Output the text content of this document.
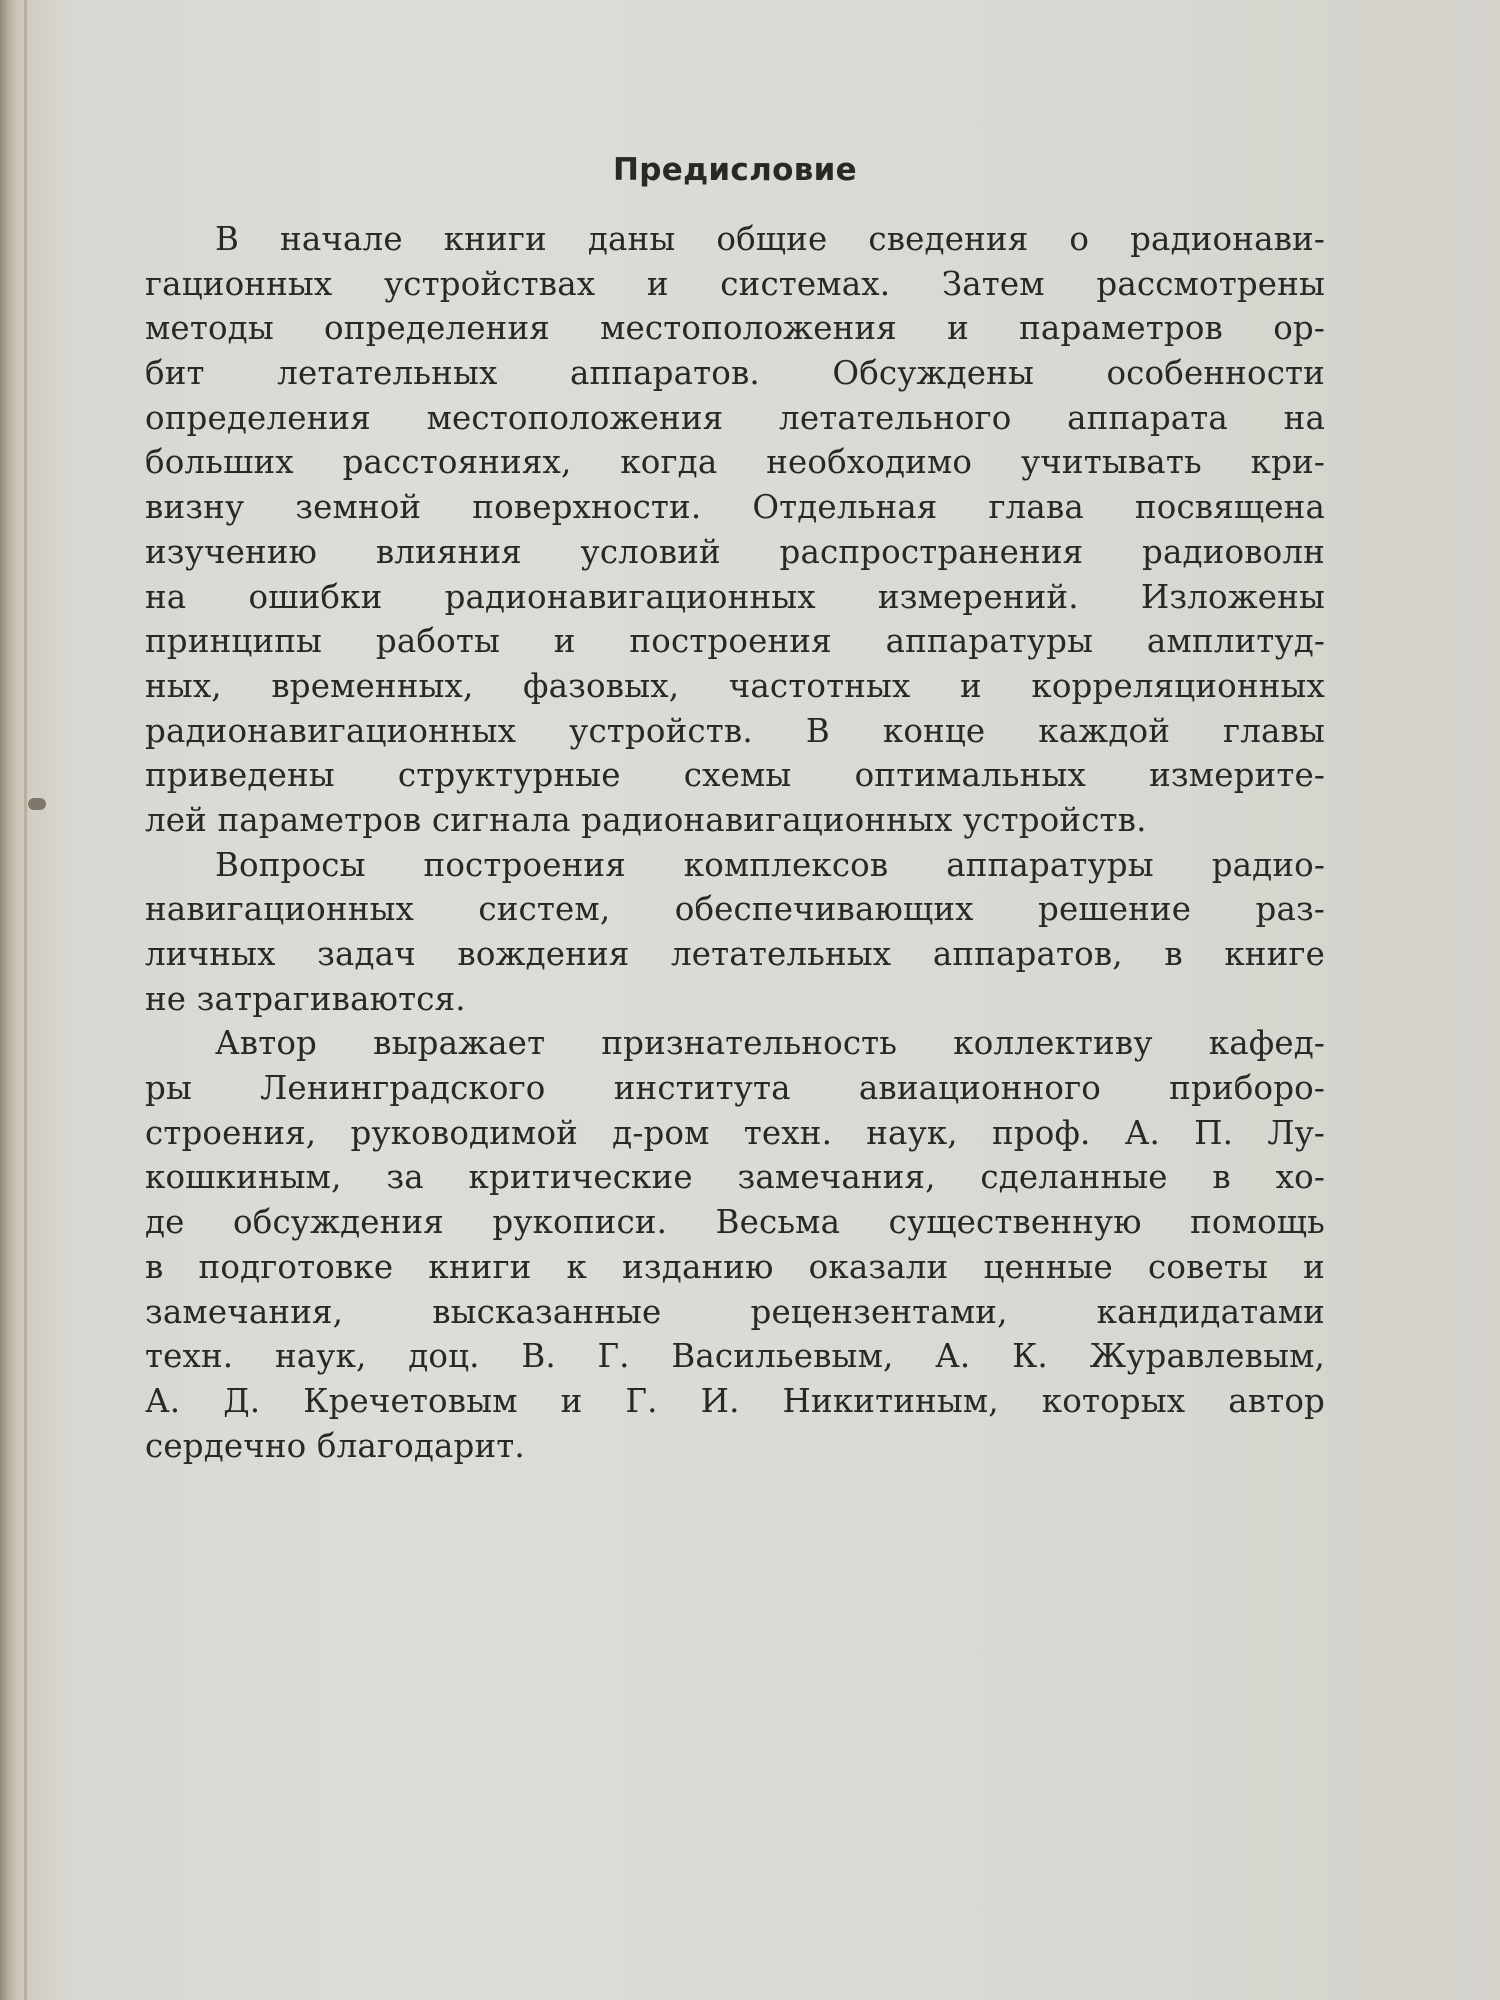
Предисловие
В начале книги даны общие сведения о радионави-
гационных устройствах и системах. Затем рассмотрены
методы определения местоположения и параметров ор-
бит летательных аппаратов. Обсуждены особенности
определения местоположения летательного аппарата на
больших расстояниях, когда необходимо учитывать кри-
визну земной поверхности. Отдельная глава посвящена
изучению влияния условий распространения радиоволн
на ошибки радионавигационных измерений. Изложены
принципы работы и построения аппаратуры амплитуд-
ных, временных, фазовых, частотных и корреляционных
радионавигационных устройств. В конце каждой главы
приведены структурные схемы оптимальных измерите-
лей параметров сигнала радионавигационных устройств.
Вопросы построения комплексов аппаратуры радио-
навигационных систем, обеспечивающих решение раз-
личных задач вождения летательных аппаратов, в книге
не затрагиваются.
Автор выражает признательность коллективу кафед-
ры Ленинградского института авиационного приборо-
строения, руководимой д-ром техн. наук, проф. А. П. Лу-
кошкиным, за критические замечания, сделанные в хо-
де обсуждения рукописи. Весьма существенную помощь
в подготовке книги к изданию оказали ценные советы и
замечания, высказанные рецензентами, кандидатами
техн. наук, доц. В. Г. Васильевым, А. К. Журавлевым,
А. Д. Кречетовым и Г. И. Никитиным, которых автор
сердечно благодарит.
